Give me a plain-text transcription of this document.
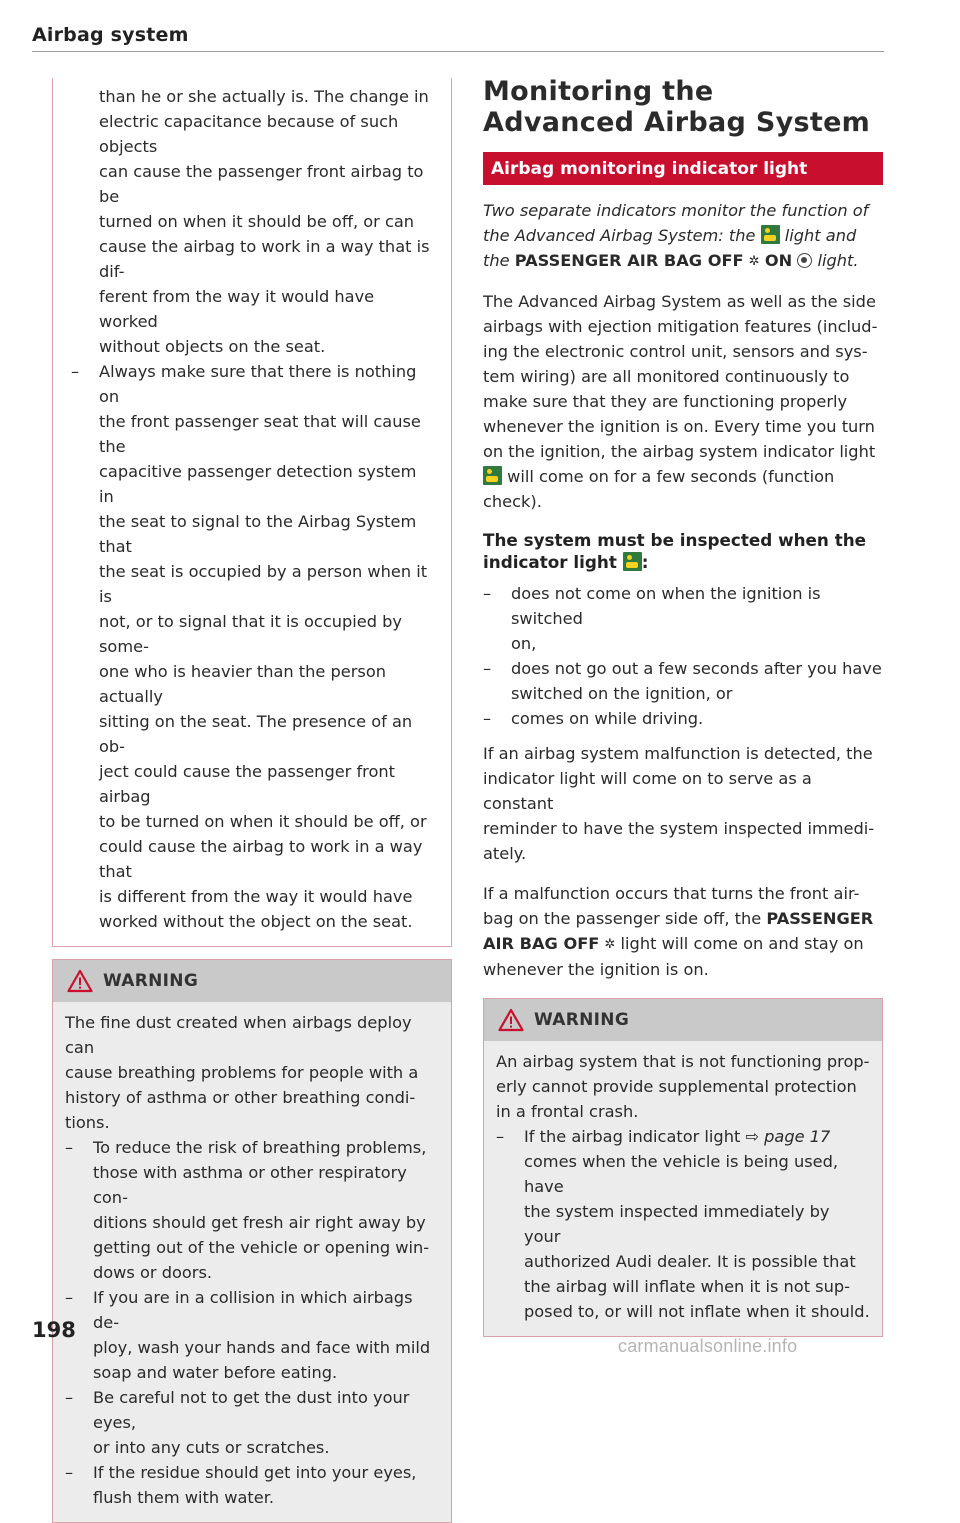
Airbag system

than he or she actually is. The change in

electric capacitance because of such objects

can cause the passenger front airbag to be

turned on when it should be off, or can

cause the airbag to work in a way that is dif-

ferent from the way it would have worked

without objects on the seat.

– Always make sure that there is nothing on
the front passenger seat that will cause the
capacitive passenger detection system in
the seat to signal to the Airbag System that
the seat is occupied by a person when it is
not, or to signal that it is occupied by some-
one who is heavier than the person actually
sitting on the seat. The presence of an ob-
ject could cause the passenger front airbag
to be turned on when it should be off, or
could cause the airbag to work in a way that
is different from the way it would have
worked without the object on the seat.
WARNING

The fine dust created when airbags deploy can

cause breathing problems for people with a

history of asthma or other breathing condi-

tions.

– To reduce the risk of breathing problems,
those with asthma or other respiratory con-
ditions should get fresh air right away by
getting out of the vehicle or opening win-
dows or doors.
– If you are in a collision in which airbags de-
ploy, wash your hands and face with mild
soap and water before eating.
– Be careful not to get the dust into your eyes,
or into any cuts or scratches.
– If the residue should get into your eyes,
flush them with water.
Monitoring the
Advanced Airbag System
Airbag monitoring indicator light

Two separate indicators monitor the function of

the Advanced Airbag System: the light and

the PASSENGER AIR BAG OFF ✲ ON light.

The Advanced Airbag System as well as the side

airbags with ejection mitigation features (includ-

ing the electronic control unit, sensors and sys-

tem wiring) are all monitored continuously to

make sure that they are functioning properly

whenever the ignition is on. Every time you turn

on the ignition, the airbag system indicator light

will come on for a few seconds (function

check).

The system must be inspected when the
indicator light :
– does not come on when the ignition is switched
on,
– does not go out a few seconds after you have
switched on the ignition, or
– comes on while driving.

If an airbag system malfunction is detected, the

indicator light will come on to serve as a constant

reminder to have the system inspected immedi-

ately.

If a malfunction occurs that turns the front air-

bag on the passenger side off, the PASSENGER

AIR BAG OFF ✲ light will come on and stay on

whenever the ignition is on.

WARNING

An airbag system that is not functioning prop-

erly cannot provide supplemental protection

in a frontal crash.

– If the airbag indicator light ⇨ page 17
comes when the vehicle is being used, have
the system inspected immediately by your
authorized Audi dealer. It is possible that
the airbag will inflate when it is not sup-
posed to, or will not inflate when it should.
198
carmanualsonline.info
